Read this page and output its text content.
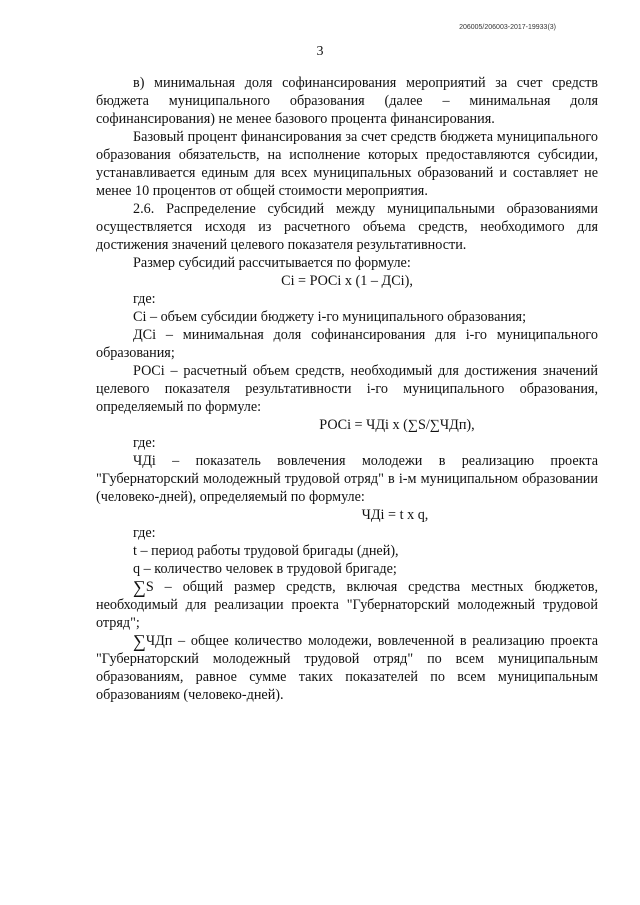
206005/206003-2017-19933(3)
3

в) минимальная доля софинансирования мероприятий за счет средств бюджета муниципального образования (далее – минимальная доля софинансирования) не менее базового процента финансирования.

Базовый процент финансирования за счет средств бюджета муниципального образования обязательств, на исполнение которых предоставляются субсидии, устанавливается единым для всех муниципальных образований и составляет не менее 10 процентов от общей стоимости мероприятия.

2.6. Распределение субсидий между муниципальными образованиями осуществляется исходя из расчетного объема средств, необходимого для достижения значений целевого показателя результативности.

Размер субсидий рассчитывается по формуле:

Ci = РОCi x (1 – ДCi),

где:

Ci – объем субсидии бюджету i-го муниципального образования;

ДCi – минимальная доля софинансирования для i-го муниципального образования;

РОCi – расчетный объем средств, необходимый для достижения значений целевого показателя результативности i-го муниципального образования, определяемый по формуле:

РОCi = ЧДi x (∑S/∑ЧДп),

где:

ЧДi – показатель вовлечения молодежи в реализацию проекта "Губернаторский молодежный трудовой отряд" в i-м муниципальном образовании (человеко-дней), определяемый по формуле:

ЧДi = t x q,

где:

t – период работы трудовой бригады (дней),

q – количество человек в трудовой бригаде;

∑S – общий размер средств, включая средства местных бюджетов, необходимый для реализации проекта "Губернаторский молодежный трудовой отряд";

∑ЧДп – общее количество молодежи, вовлеченной в реализацию проекта "Губернаторский молодежный трудовой отряд" по всем муниципальным образованиям, равное сумме таких показателей по всем муниципальным образованиям (человеко-дней).
